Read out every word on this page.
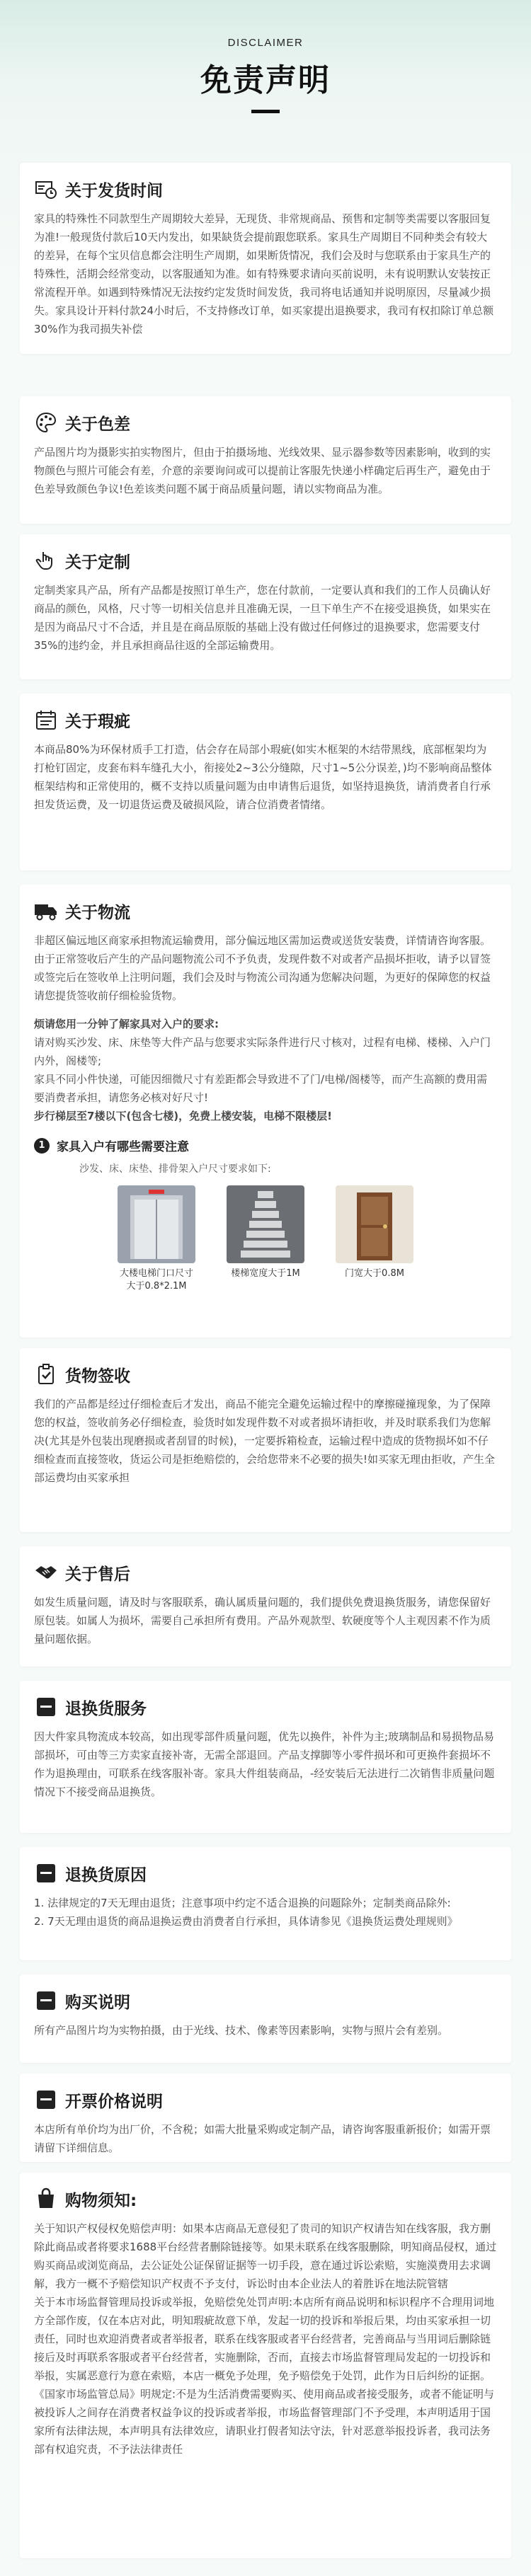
DISCLAIMER
免责声明
关于发货时间

家具的特殊性不同款型生产周期较大差异，无现货、非常规商品、预售和定制等类需要以客服回复为准!一般现货付款后10天内发出，如果缺货会提前跟您联系。家具生产周期目不同种类会有较大的差异，在每个宝贝信息都会注明生产周期，如果断货情况，我们会及时与您联系由于家具生产的特殊性，活期会经常变动，以客服通知为准。如有特殊要求请向买前说明，未有说明默认安装按正常流程开单。如遇到特殊情况无法按约定发货时间发货，我司将电话通知并说明原因，尽量减少损失。家具设计开料付款24小时后，不支持修改订单，如买家提出退换要求，我司有权扣除订单总额30%作为我司损失补偿

关于色差

产品图片均为摄影实拍实物图片，但由于拍摄场地、光线效果、显示器参数等因素影响，收到的实物颜色与照片可能会有差，介意的亲要询问或可以提前让客服先快递小样确定后再生产，避免由于色差导致颜色争议!色差该类问题不属于商品质量问题，请以实物商品为准。

关于定制

定制类家具产品，所有产品都是按照订单生产，您在付款前，一定要认真和我们的工作人员确认好商品的颜色，风格，尺寸等一切相关信息并且准确无误，一旦下单生产不在接受退换货，如果实在是因为商品尺寸不合适，并且是在商品原版的基础上没有做过任何修过的退换要求，您需要支付35%的违约金，并且承担商品往返的全部运输费用。

关于瑕疵

本商品80%为环保材质手工打造，估会存在局部小瑕疵(如实木框架的木结带黑线，底部框架均为打枪钉固定，皮套布料车缝孔大小，衔接处2~3公分缝隙，尺寸1~5公分误差，)均不影响商品整体框架结构和正常使用的，概不支持以质量问题为由申请售后退货，如坚持退换货，请消费者自行承担发货运费，及一切退货运费及破损风险，请合位消费者情绪。

关于物流

非超区偏远地区商家承担物流运输费用，部分偏远地区需加运费或送货安装费，详情请咨询客服。由于正常签收后产生的产品问题物流公司不予负责，发现件数不对或者产品损坏拒收，请予以冒签或签完后在签收单上注明问题，我们会及时与物流公司沟通为您解决问题，为更好的保障您的权益请您提货签收前仔细检验货物。

烦请您用一分钟了解家具对入户的要求:

请对购买沙发、床、床垫等大件产品与您要求实际条件进行尺寸核对，过程有电梯、楼梯、入户门内外，阁楼等;

家具不同小件快递，可能因细微尺寸有差距都会导致进不了门/电梯/阁楼等，而产生高额的费用需要消费者承担，请您务必核对好尺寸!

步行梯层至7楼以下(包含七楼)，免费上楼安装，电梯不限楼层!

1 家具入户有哪些需要注意
沙发、床、床垫、排骨架入户尺寸要求如下:
大楼电梯门口尺寸
大于0.8*2.1M
楼梯宽度大于1M	门宽大于0.8M
货物签收

我们的产品都是经过仔细检查后才发出，商品不能完全避免运输过程中的摩擦碰撞现象，为了保障您的权益，签收前务必仔细检查，验货时如发现件数不对或者损坏请拒收，并及时联系我们为您解决(尤其是外包装出现磨损或者刮冒的时候)，一定要拆箱检查，运输过程中造成的货物损坏如不仔细检查而直接签收，货运公司是拒绝赔偿的，会给您带来不必要的损失!如买家无理由拒收，产生全部运费均由买家承担

关于售后

如发生质量问题，请及时与客服联系，确认属质量问题的，我们提供免费退换货服务，请您保留好原包装。如属人为损坏，需要自己承担所有费用。产品外观款型、软硬度等个人主观因素不作为质量问题依据。

退换货服务

因大件家具物流成本较高，如出现零部件质量问题，优先以换件，补件为主;玻璃制品和易损物品易部损坏，可由等三方卖家直接补寄，无需全部退回。产品支撑脚等小零件损坏和可更换件套损坏不作为退换理由，可联系在线客服补寄。家具大件组装商品，-经安装后无法进行二次销售非质量问题情况下不接受商品退换货。

退换货原因

1. 法律规定的7天无理由退货；注意事项中约定不适合退换的问题除外；定制类商品除外:
2. 7天无理由退货的商品退换运费由消费者自行承担，具体请参见《退换货运费处理规则》

购买说明

所有产品图片均为实物拍摄，由于光线、技术、像素等因素影响，实物与照片会有差别。

开票价格说明

本店所有单价均为出厂价，不含税；如需大批量采购或定制产品，请咨询客服重新报价；如需开票请留下详细信息。

购物须知:

关于知识产权侵权免赔偿声明：如果本店商品无意侵犯了贵司的知识产权请告知在线客服，我方删除此商品或者将要求1688平台经营者删除链接等。如果未联系在线客服删除，明知商品侵权，通过购买商品或浏览商品，去公证处公证保留证据等一切手段，意在通过诉讼索赔，实施漠费用去求调解，我方一概不予赔偿知识产权责不予支付，诉讼时由本企业法人的着胜诉在地法院管辖
关于本市场监督管理局投诉或举报，免赔偿免处罚声明:本店所有商品说明和标识程序不合理用词地方全部作废，仅在本店对此，明知瑕疵故意下单，发起一切的投诉和举报后果，均由买家承担一切责任，同时也欢迎消费者或者举报者，联系在线客服或者平台经营者，完善商品与当用词后删除链接后及时再联系客服或者平台经营者，实施删除，否而，直接去市场监督管理局发起的一切投诉和举报，实属恶意行为意在索赔，本店一概免予处理，免予赔偿免于处罚，此作为日后纠纷的证据。《国家市场监管总局》明规定:不是为生活消费需要购买、使用商品或者接受服务，或者不能证明与被投诉人之间存在消费者权益争议的投诉或者举报，市场监督管理部门不予受理，本声明适用于国家所有法律法规，本声明具有法律效应，请职业打假者知法守法，针对恶意举报投诉者，我司法务部有权追究责，不予法法律责任
